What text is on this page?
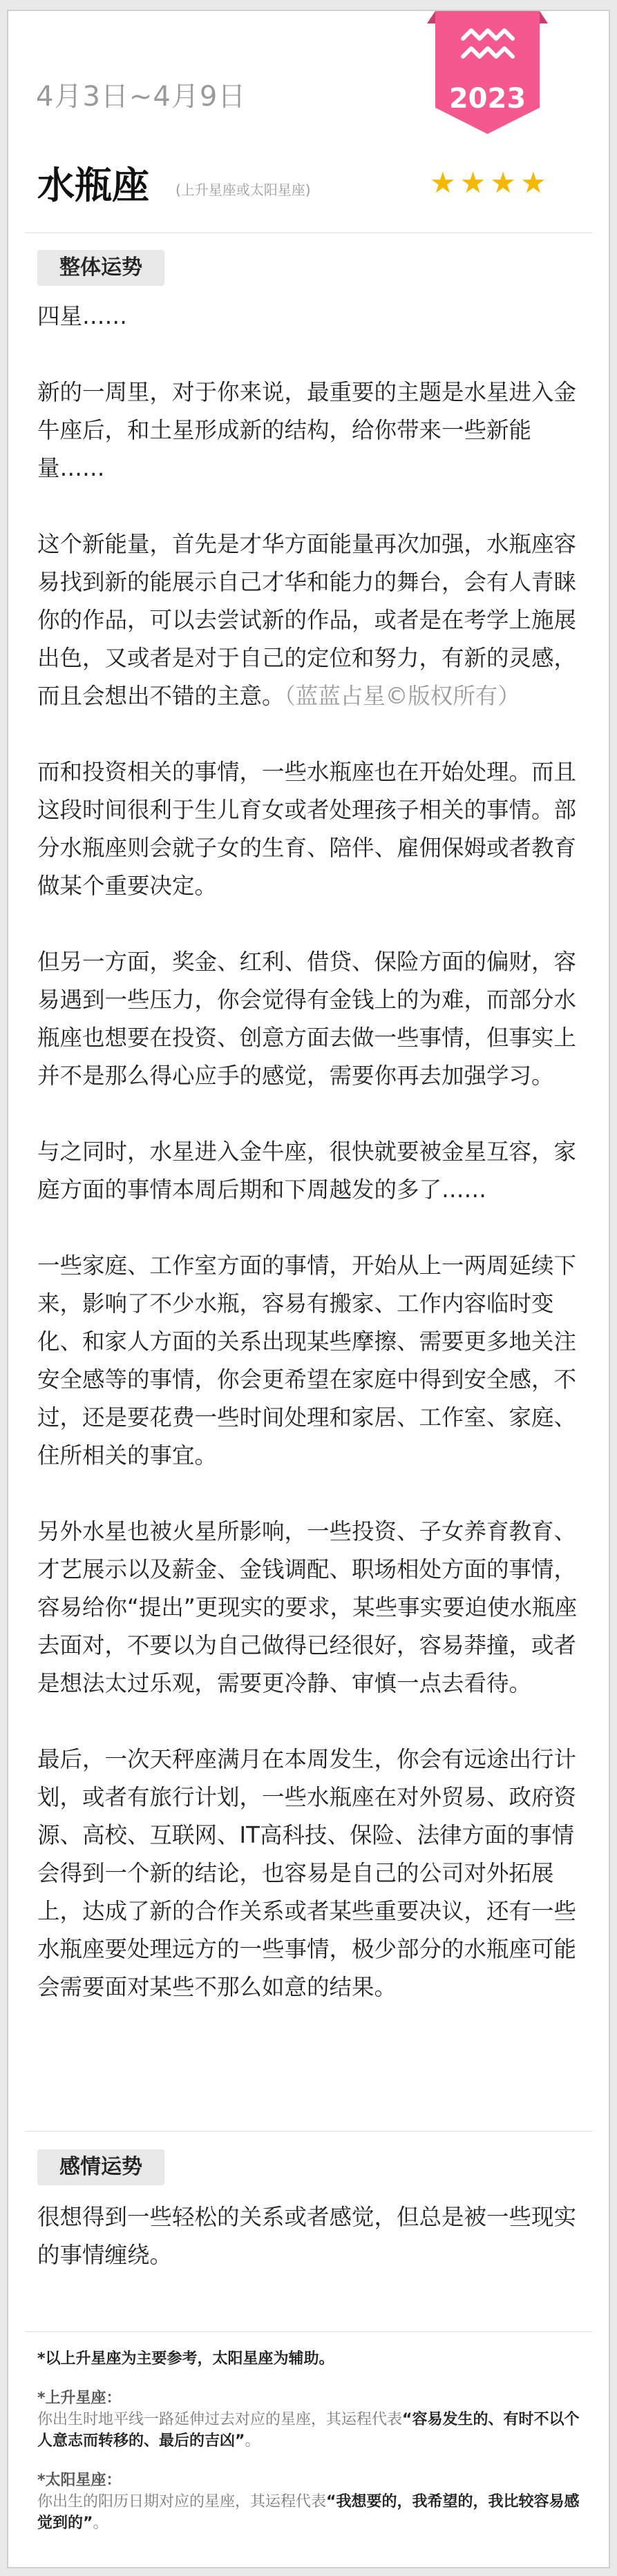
4月3日~4月9日	2023
水瓶座 (上升星座或太阳星座)	★★★★
整体运势

四星……

新的一周里，对于你来说，最重要的主题是水星进入金牛座后，和土星形成新的结构，给你带来一些新能量……

这个新能量，首先是才华方面能量再次加强，水瓶座容易找到新的能展示自己才华和能力的舞台，会有人青睐你的作品，可以去尝试新的作品，或者是在考学上施展出色，又或者是对于自己的定位和努力，有新的灵感，而且会想出不错的主意。（蓝蓝占星©版权所有）

而和投资相关的事情，一些水瓶座也在开始处理。而且这段时间很利于生儿育女或者处理孩子相关的事情。部分水瓶座则会就子女的生育、陪伴、雇佣保姆或者教育做某个重要决定。

但另一方面，奖金、红利、借贷、保险方面的偏财，容易遇到一些压力，你会觉得有金钱上的为难，而部分水瓶座也想要在投资、创意方面去做一些事情，但事实上并不是那么得心应手的感觉，需要你再去加强学习。

与之同时，水星进入金牛座，很快就要被金星互容，家庭方面的事情本周后期和下周越发的多了……

一些家庭、工作室方面的事情，开始从上一两周延续下来，影响了不少水瓶，容易有搬家、工作内容临时变化、和家人方面的关系出现某些摩擦、需要更多地关注安全感等的事情，你会更希望在家庭中得到安全感，不过，还是要花费一些时间处理和家居、工作室、家庭、住所相关的事宜。

另外水星也被火星所影响，一些投资、子女养育教育、才艺展示以及薪金、金钱调配、职场相处方面的事情，容易给你“提出”更现实的要求，某些事实要迫使水瓶座去面对，不要以为自己做得已经很好，容易莽撞，或者是想法太过乐观，需要更冷静、审慎一点去看待。

最后，一次天秤座满月在本周发生，你会有远途出行计划，或者有旅行计划，一些水瓶座在对外贸易、政府资源、高校、互联网、IT高科技、保险、法律方面的事情会得到一个新的结论，也容易是自己的公司对外拓展上，达成了新的合作关系或者某些重要决议，还有一些水瓶座要处理远方的一些事情，极少部分的水瓶座可能会需要面对某些不那么如意的结果。

感情运势

很想得到一些轻松的关系或者感觉，但总是被一些现实的事情缠绕。

*以上升星座为主要参考，太阳星座为辅助。
*上升星座：
你出生时地平线一路延伸过去对应的星座，其运程代表“容易发生的、有时不以个人意志而转移的、最后的吉凶”。
*太阳星座：
你出生的阳历日期对应的星座，其运程代表“我想要的，我希望的，我比较容易感觉到的”。
